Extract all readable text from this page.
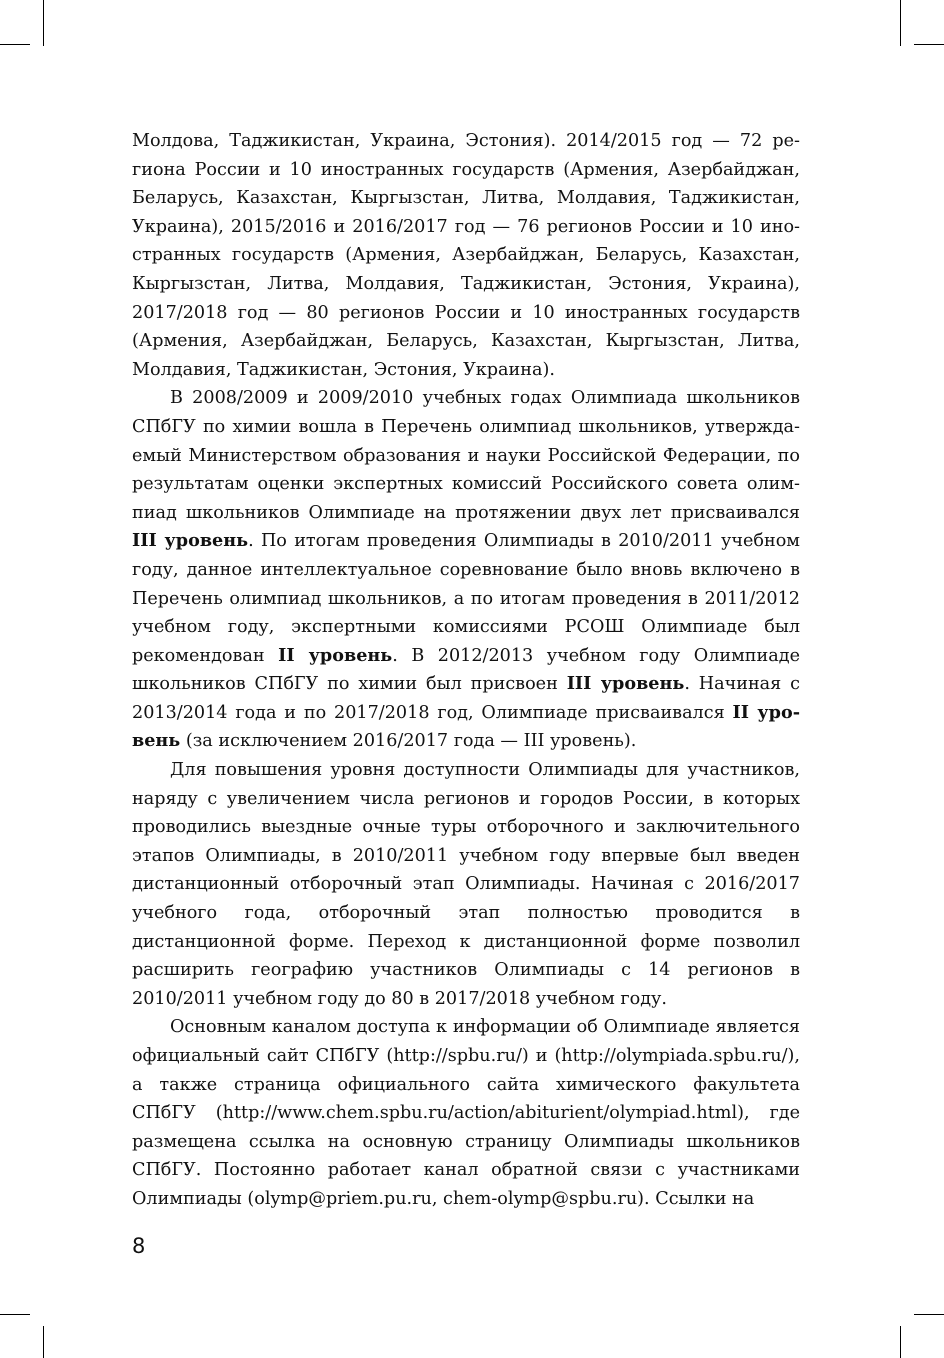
Молдова, Таджикистан, Украина, Эстония). 2014/2015 год — 72 региона России и 10 иностранных государств (Армения, Азербайджан, Беларусь, Казахстан, Кыргызстан, Литва, Молдавия, Таджикистан, Украина), 2015/2016 и 2016/2017 год — 76 регионов России и 10 иностранных государств (Армения, Азербайджан, Беларусь, Казахстан, Кыргызстан, Литва, Молдавия, Таджикистан, Эстония, Украина), 2017/2018 год — 80 регионов России и 10 иностранных государств (Армения, Азербайджан, Беларусь, Казахстан, Кыргызстан, Литва, Молдавия, Таджикистан, Эстония, Украина).

В 2008/2009 и 2009/2010 учебных годах Олимпиада школьников СПбГУ по химии вошла в Перечень олимпиад школьников, утверждаемый Министерством образования и науки Российской Федерации, по результатам оценки экспертных комиссий Российского совета олимпиад школьников Олимпиаде на протяжении двух лет присваивался III уровень. По итогам проведения Олимпиады в 2010/2011 учебном году, данное интеллектуальное соревнование было вновь включено в Перечень олимпиад школьников, а по итогам проведения в 2011/2012 учебном году, экспертными комиссиями РСОШ Олимпиаде был рекомендован II уровень. В 2012/2013 учебном году Олимпиаде школьников СПбГУ по химии был присвоен III уровень. Начиная с 2013/2014 года и по 2017/2018 год, Олимпиаде присваивался II уровень (за исключением 2016/2017 года — III уровень).

Для повышения уровня доступности Олимпиады для участников, наряду с увеличением числа регионов и городов России, в которых проводились выездные очные туры отборочного и заключительного этапов Олимпиады, в 2010/2011 учебном году впервые был введен дистанционный отборочный этап Олимпиады. Начиная с 2016/2017 учебного года, отборочный этап полностью проводится в дистанционной форме. Переход к дистанционной форме позволил расширить географию участников Олимпиады с 14 регионов в 2010/2011 учебном году до 80 в 2017/2018 учебном году.

Основным каналом доступа к информации об Олимпиаде является официальный сайт СПбГУ (http://spbu.ru/) и (http://olympiada.spbu.​ru/), а также страница официального сайта химического факультета СПбГУ (http://www.chem.spbu.ru/action/abiturient/olympiad.html), где размещена ссылка на основную страницу Олимпиады школьников СПбГУ. Постоянно работает канал обратной связи с участниками Олимпиады (olymp@priem.pu.ru, chem-olymp@spbu.ru). Ссылки на

8
